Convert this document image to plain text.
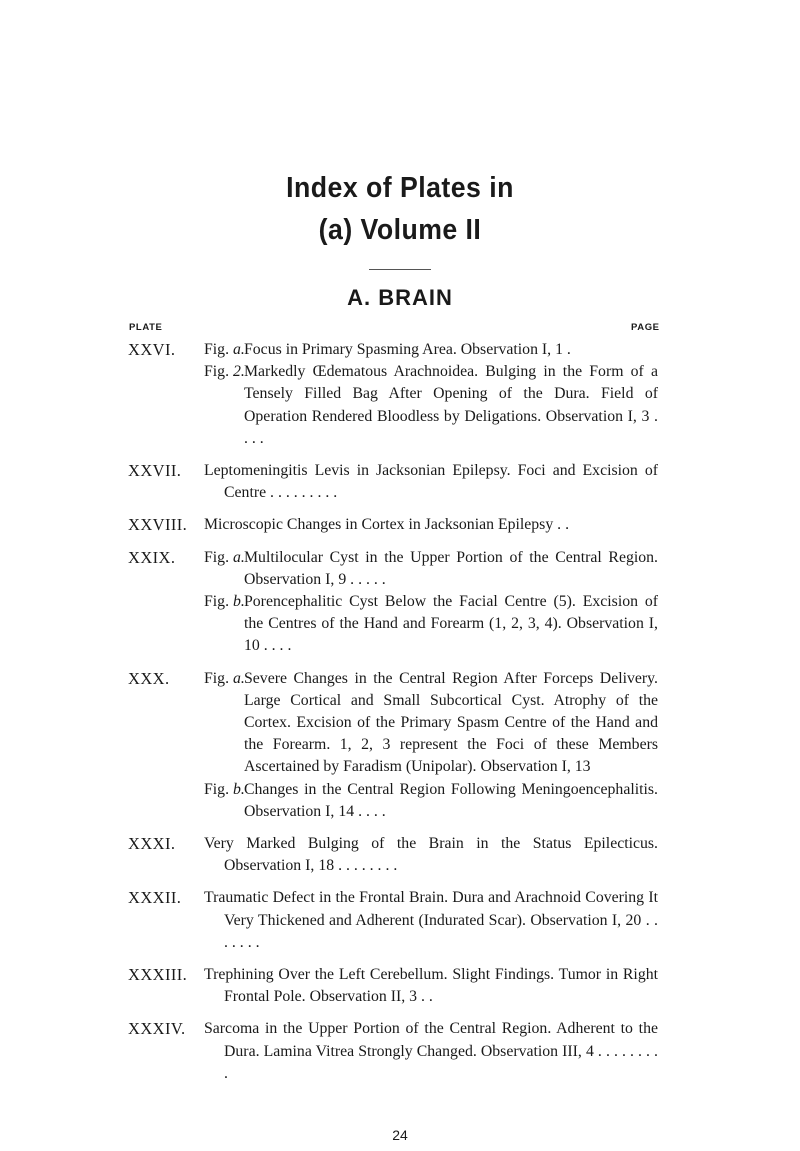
Index of Plates in
(a) Volume II
A. BRAIN
PLATE	PAGE
XXVI. Fig. a. Focus in Primary Spasming Area. Observation I, 1 .
Fig. 2. Markedly Œdematous Arachnoidea. Bulging in the Form of a Tensely Filled Bag After Opening of the Dura. Field of Operation Rendered Bloodless by Deligations. Observation I, 3 . . . .
XXVII. Leptomeningitis Levis in Jacksonian Epilepsy. Foci and Excision of Centre . . . . . . . . .
XXVIII. Microscopic Changes in Cortex in Jacksonian Epilepsy . .
XXIX. Fig. a. Multilocular Cyst in the Upper Portion of the Central Region. Observation I, 9 . . . . .
Fig. b. Porencephalitic Cyst Below the Facial Centre (5). Excision of the Centres of the Hand and Forearm (1, 2, 3, 4). Observation I, 10 . . . .
XXX. Fig. a. Severe Changes in the Central Region After Forceps Delivery. Large Cortical and Small Subcortical Cyst. Atrophy of the Cortex. Excision of the Primary Spasm Centre of the Hand and the Forearm. 1, 2, 3 represent the Foci of these Members Ascertained by Faradism (Unipolar). Observation I, 13
Fig. b. Changes in the Central Region Following Meningoencephalitis. Observation I, 14 . . . .
XXXI. Very Marked Bulging of the Brain in the Status Epilecticus. Observation I, 18 . . . . . . . .
XXXII. Traumatic Defect in the Frontal Brain. Dura and Arachnoid Covering It Very Thickened and Adherent (Indurated Scar). Observation I, 20 . . . . . . .
XXXIII. Trephining Over the Left Cerebellum. Slight Findings. Tumor in Right Frontal Pole. Observation II, 3 . .
XXXIV. Sarcoma in the Upper Portion of the Central Region. Adherent to the Dura. Lamina Vitrea Strongly Changed. Observation III, 4 . . . . . . . . .
24
